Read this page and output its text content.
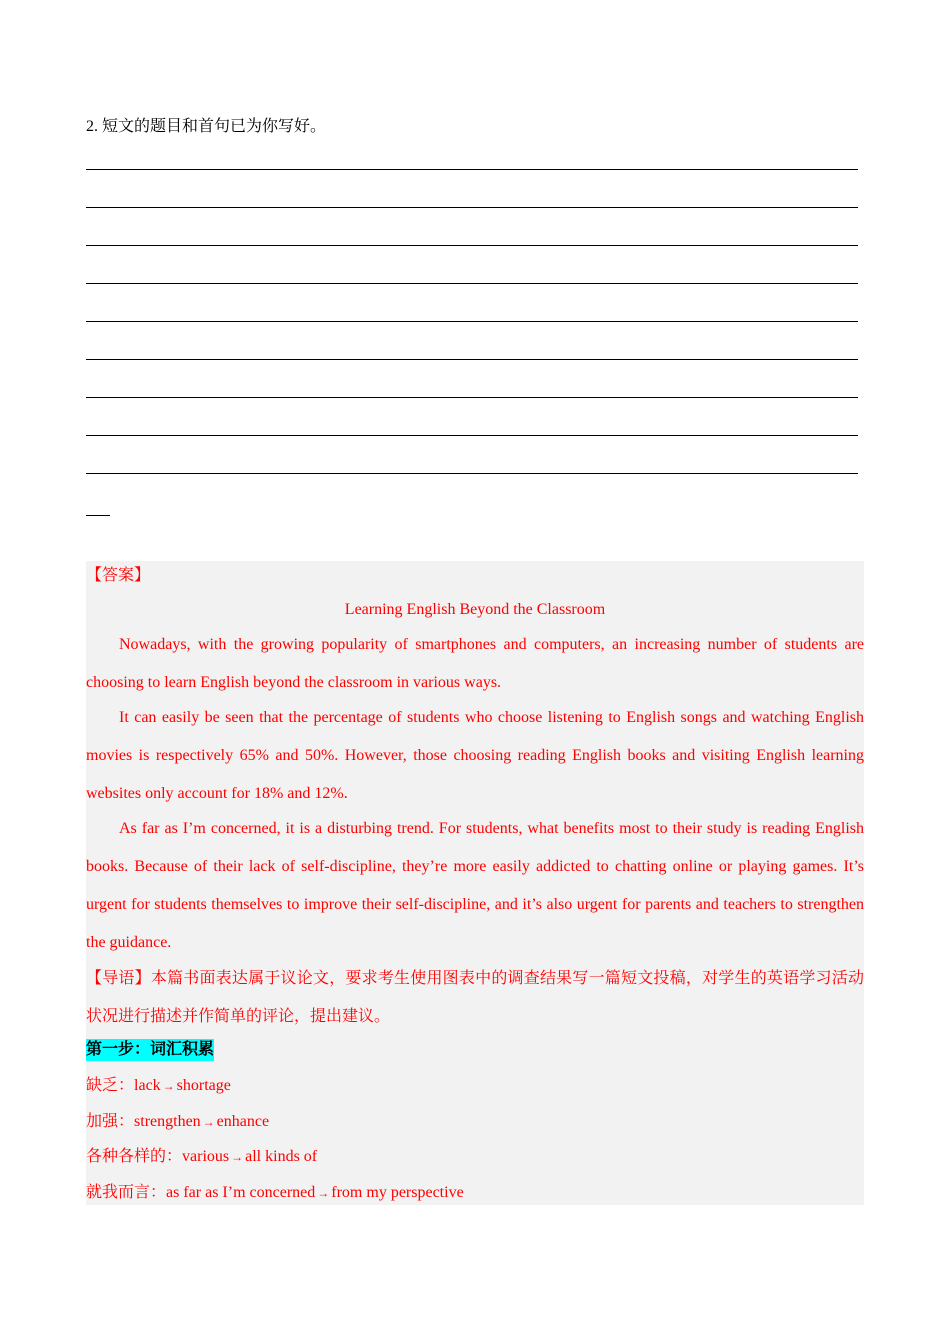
2. 短文的题目和首句已为你写好。
【答案】
Learning English Beyond the Classroom
Nowadays, with the growing popularity of smartphones and computers, an increasing number of students are choosing to learn English beyond the classroom in various ways.
It can easily be seen that the percentage of students who choose listening to English songs and watching English movies is respectively 65% and 50%. However, those choosing reading English books and visiting English learning websites only account for 18% and 12%.
As far as I’m concerned, it is a disturbing trend. For students, what benefits most to their study is reading English books. Because of their lack of self-discipline, they’re more easily addicted to chatting online or playing games. It’s urgent for students themselves to improve their self-discipline, and it’s also urgent for parents and teachers to strengthen the guidance.
【导语】本篇书面表达属于议论文，要求考生使用图表中的调查结果写一篇短文投稿，对学生的英语学习活动状况进行描述并作简单的评论，提出建议。
第一步：词汇积累
缺乏：lack → shortage
加强：strengthen → enhance
各种各样的：various → all kinds of
就我而言：as far as I’m concerned → from my perspective
